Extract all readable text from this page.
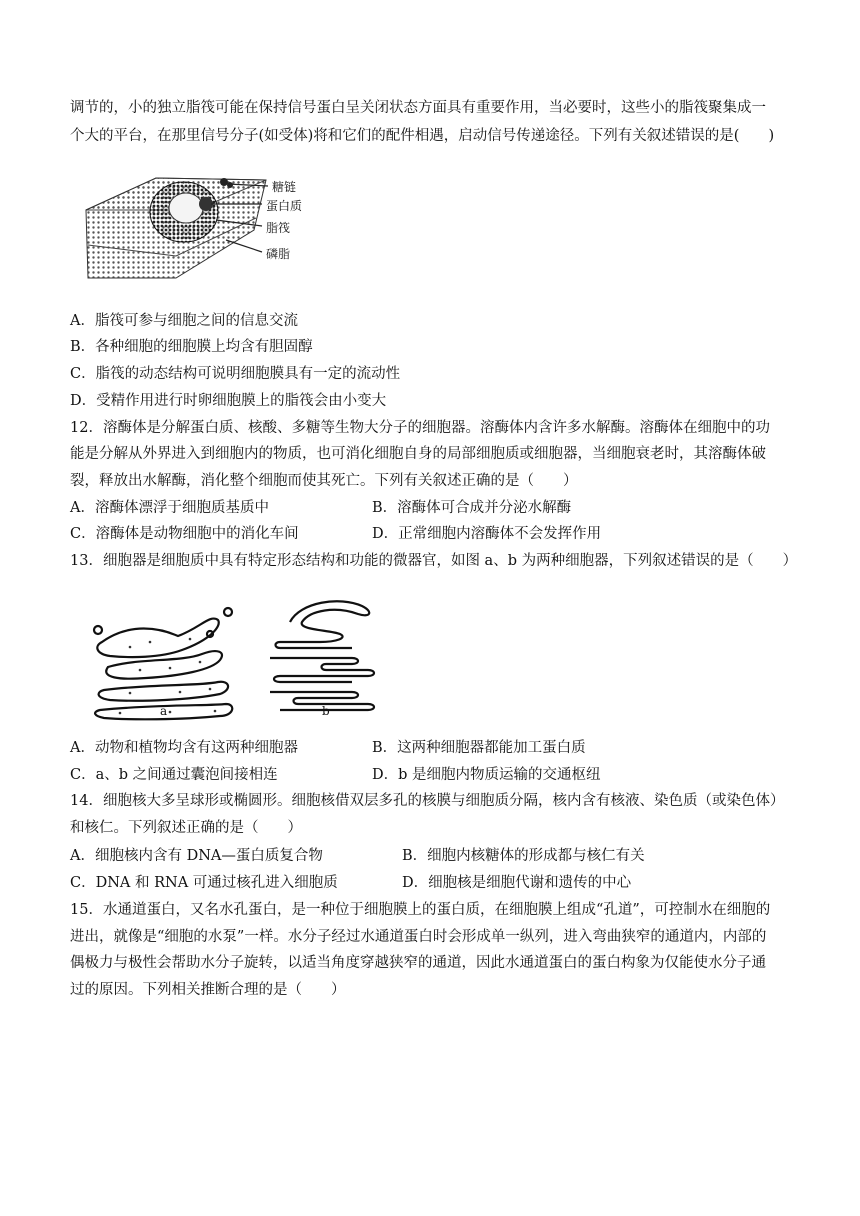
调节的，小的独立脂筏可能在保持信号蛋白呈关闭状态方面具有重要作用，当必要时，这些小的脂筏聚集成一
个大的平台，在那里信号分子(如受体)将和它们的配件相遇，启动信号传递途径。下列有关叙述错误的是(　　)
糖链
蛋白质
脂筏
磷脂
A．脂筏可参与细胞之间的信息交流
B．各种细胞的细胞膜上均含有胆固醇
C．脂筏的动态结构可说明细胞膜具有一定的流动性
D．受精作用进行时卵细胞膜上的脂筏会由小变大
12．溶酶体是分解蛋白质、核酸、多糖等生物大分子的细胞器。溶酶体内含许多水解酶。溶酶体在细胞中的功
能是分解从外界进入到细胞内的物质，也可消化细胞自身的局部细胞质或细胞器，当细胞衰老时，其溶酶体破
裂，释放出水解酶，消化整个细胞而使其死亡。下列有关叙述正确的是（　　）
A．溶酶体漂浮于细胞质基质中	B．溶酶体可合成并分泌水解酶
C．溶酶体是动物细胞中的消化车间	D．正常细胞内溶酶体不会发挥作用
13．细胞器是细胞质中具有特定形态结构和功能的微器官，如图 a、b 为两种细胞器，下列叙述错误的是（　　）
a	b
A．动物和植物均含有这两种细胞器	B．这两种细胞器都能加工蛋白质
C．a、b 之间通过囊泡间接相连	D．b 是细胞内物质运输的交通枢纽
14．细胞核大多呈球形或椭圆形。细胞核借双层多孔的核膜与细胞质分隔，核内含有核液、染色质（或染色体）
和核仁。下列叙述正确的是（　　）
A．细胞核内含有 DNA—蛋白质复合物	B．细胞内核糖体的形成都与核仁有关
C．DNA 和 RNA 可通过核孔进入细胞质	D．细胞核是细胞代谢和遗传的中心
15．水通道蛋白，又名水孔蛋白，是一种位于细胞膜上的蛋白质，在细胞膜上组成“孔道”，可控制水在细胞的
进出，就像是“细胞的水泵”一样。水分子经过水通道蛋白时会形成单一纵列，进入弯曲狭窄的通道内，内部的
偶极力与极性会帮助水分子旋转，以适当角度穿越狭窄的通道，因此水通道蛋白的蛋白构象为仅能使水分子通
过的原因。下列相关推断合理的是（　　）
